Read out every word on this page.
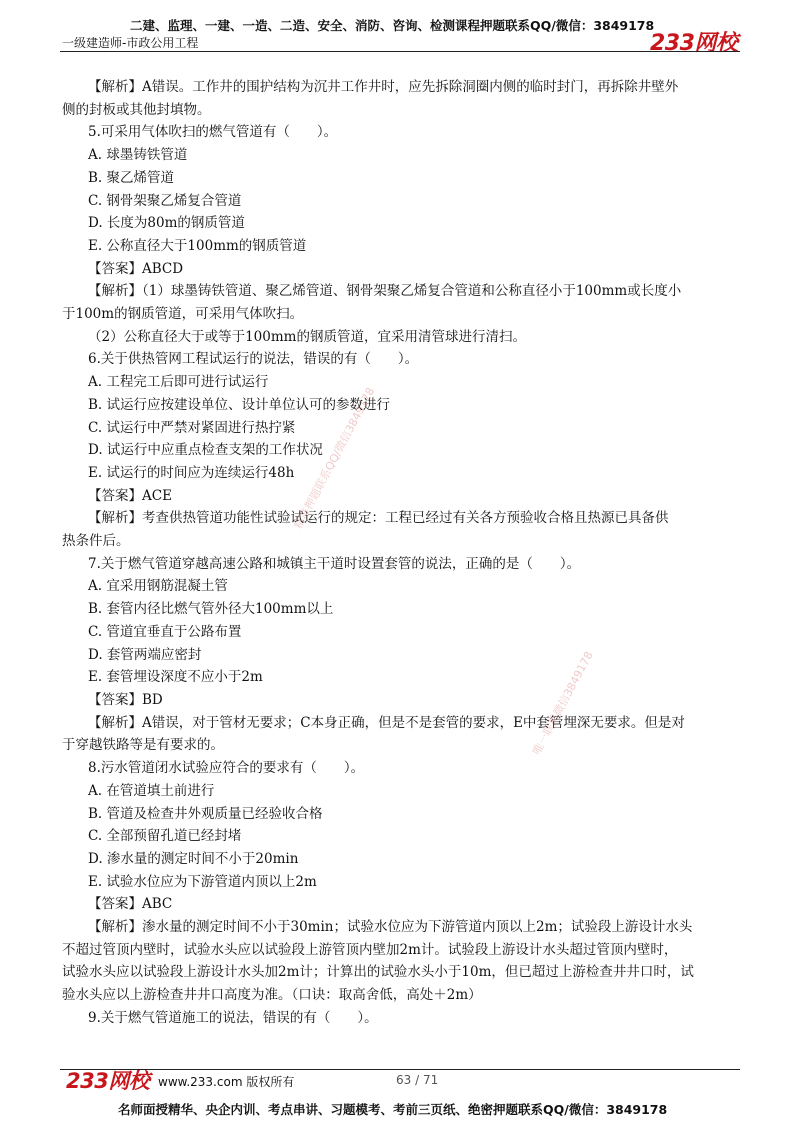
二建、监理、一建、一造、二造、安全、消防、咨询、检测课程押题联系QQ/微信：3849178
一级建造师-市政公用工程	233网校
【解析】A错误。工作井的围护结构为沉井工作井时，应先拆除洞圈内侧的临时封门，再拆除井壁外
侧的封板或其他封填物。
5.可采用气体吹扫的燃气管道有（　　）。
A. 球墨铸铁管道
B. 聚乙烯管道
C. 钢骨架聚乙烯复合管道
D. 长度为80m的钢质管道
E. 公称直径大于100mm的钢质管道
【答案】ABCD
【解析】（1）球墨铸铁管道、聚乙烯管道、钢骨架聚乙烯复合管道和公称直径小于100mm或长度小
于100m的钢质管道，可采用气体吹扫。
（2）公称直径大于或等于100mm的钢质管道，宜采用清管球进行清扫。
6.关于供热管网工程试运行的说法，错误的有（　　）。
A. 工程完工后即可进行试运行
B. 试运行应按建设单位、设计单位认可的参数进行
C. 试运行中严禁对紧固进行热拧紧
D. 试运行中应重点检查支架的工作状况
E. 试运行的时间应为连续运行48h
【答案】ACE
【解析】考查供热管道功能性试验试运行的规定：工程已经过有关各方预验收合格且热源已具备供
热条件后。
7.关于燃气管道穿越高速公路和城镇主干道时设置套管的说法，正确的是（　　）。
A. 宜采用钢筋混凝土管
B. 套管内径比燃气管外径大100mm以上
C. 管道宜垂直于公路布置
D. 套管两端应密封
E. 套管埋设深度不应小于2m
【答案】BD
【解析】A错误，对于管材无要求；C本身正确，但是不是套管的要求，E中套管埋深无要求。但是对
于穿越铁路等是有要求的。
8.污水管道闭水试验应符合的要求有（　　）。
A. 在管道填土前进行
B. 管道及检查井外观质量已经验收合格
C. 全部预留孔道已经封堵
D. 渗水量的测定时间不小于20min
E. 试验水位应为下游管道内顶以上2m
【答案】ABC
【解析】渗水量的测定时间不小于30min；试验水位应为下游管道内顶以上2m；试验段上游设计水头
不超过管顶内壁时，试验水头应以试验段上游管顶内壁加2m计。试验段上游设计水头超过管顶内壁时，
试验水头应以试验段上游设计水头加2m计；计算出的试验水头小于10m，但已超过上游检查井井口时，试
验水头应以上游检查井井口高度为准。（口诀：取高舍低，高处＋2m）
9.关于燃气管道施工的说法，错误的有（　　）。
精准押题联系QQ/微信3849178
唯一联系微信3849178
233网校 www.233.com 版权所有	63 / 71
名师面授精华、央企内训、考点串讲、习题模考、考前三页纸、绝密押题联系QQ/微信：3849178
